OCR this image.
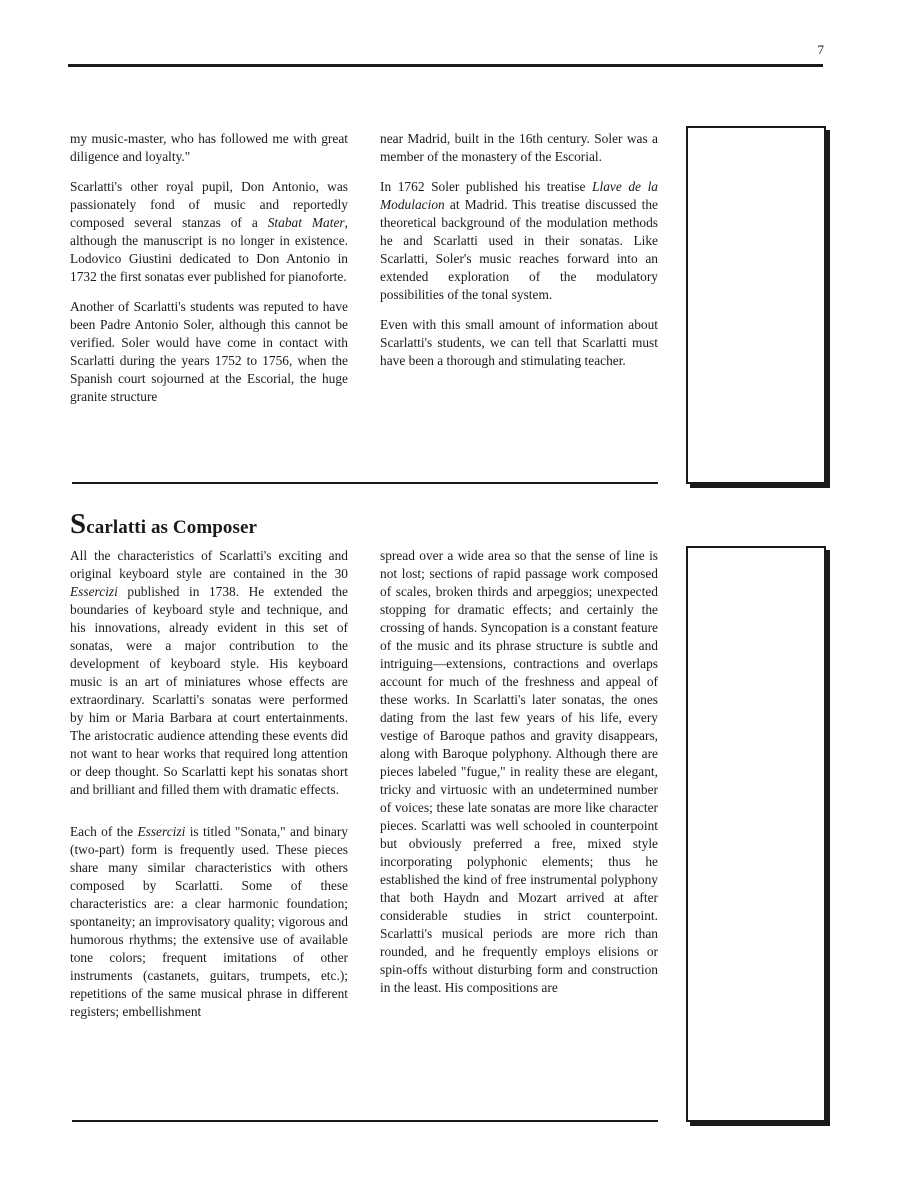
7

my music-master, who has followed me with great diligence and loyalty."

Scarlatti's other royal pupil, Don Antonio, was passionately fond of music and reportedly composed several stanzas of a Stabat Mater, although the manuscript is no longer in existence. Lodovico Giustini dedicated to Don Antonio in 1732 the first sonatas ever published for pianoforte.

Another of Scarlatti's students was reputed to have been Padre Antonio Soler, although this cannot be verified. Soler would have come in contact with Scarlatti during the years 1752 to 1756, when the Spanish court sojourned at the Escorial, the huge granite structure

near Madrid, built in the 16th century. Soler was a member of the monastery of the Escorial.

In 1762 Soler published his treatise Llave de la Modulacion at Madrid. This treatise discussed the theoretical background of the modulation methods he and Scarlatti used in their sonatas. Like Scarlatti, Soler's music reaches forward into an extended exploration of the modulatory possibilities of the tonal system.

Even with this small amount of information about Scarlatti's students, we can tell that Scarlatti must have been a thorough and stimulating teacher.

Scarlatti as Composer

All the characteristics of Scarlatti's exciting and original keyboard style are contained in the 30 Essercizi published in 1738. He extended the boundaries of keyboard style and technique, and his innovations, already evident in this set of sonatas, were a major contribution to the development of keyboard style. His keyboard music is an art of miniatures whose effects are extraordinary. Scarlatti's sonatas were performed by him or Maria Barbara at court entertainments. The aristocratic audience attending these events did not want to hear works that required long attention or deep thought. So Scarlatti kept his sonatas short and brilliant and filled them with dramatic effects.

Each of the Essercizi is titled "Sonata," and binary (two-part) form is frequently used. These pieces share many similar characteristics with others composed by Scarlatti. Some of these characteristics are: a clear harmonic foundation; spontaneity; an improvisatory quality; vigorous and humorous rhythms; the extensive use of available tone colors; frequent imitations of other instruments (castanets, guitars, trumpets, etc.); repetitions of the same musical phrase in different registers; embellishment

spread over a wide area so that the sense of line is not lost; sections of rapid passage work composed of scales, broken thirds and arpeggios; unexpected stopping for dramatic effects; and certainly the crossing of hands. Syncopation is a constant feature of the music and its phrase structure is subtle and intriguing—extensions, contractions and overlaps account for much of the freshness and appeal of these works. In Scarlatti's later sonatas, the ones dating from the last few years of his life, every vestige of Baroque pathos and gravity disappears, along with Baroque polyphony. Although there are pieces labeled "fugue," in reality these are elegant, tricky and virtuosic with an undetermined number of voices; these late sonatas are more like character pieces. Scarlatti was well schooled in counterpoint but obviously preferred a free, mixed style incorporating polyphonic elements; thus he established the kind of free instrumental polyphony that both Haydn and Mozart arrived at after considerable studies in strict counterpoint. Scarlatti's musical periods are more rich than rounded, and he frequently employs elisions or spin-offs without disturbing form and construction in the least. His compositions are
